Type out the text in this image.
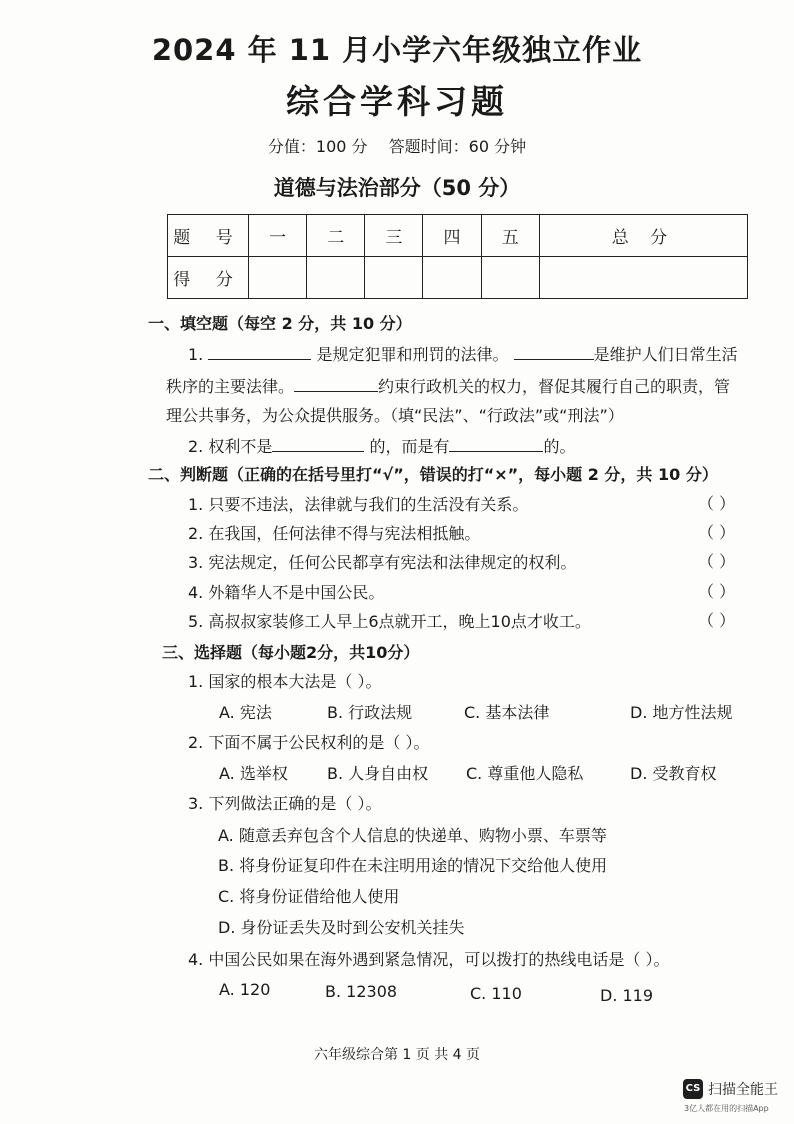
2024 年 11 月小学六年级独立作业
综合学科习题
分值：100 分 答题时间：60 分钟
道德与法治部分（50 分）
题 号	一	二	三	四	五	总 分
得 分						
一、填空题（每空 2 分，共 10 分）
1.	是规定犯罪和刑罚的法律。	是维护人们日常生活
秩序的主要法律。	约束行政机关的权力，督促其履行自己的职责，管
理公共事务，为公众提供服务。（填“民法”、“行政法”或“刑法”）
2. 权利不是	的，而是有	的。
二、判断题（正确的在括号里打“√”，错误的打“×”，每小题 2 分，共 10 分）
1. 只要不违法，法律就与我们的生活没有关系。	（ ）
2. 在我国，任何法律不得与宪法相抵触。	（ ）
3. 宪法规定，任何公民都享有宪法和法律规定的权利。	（ ）
4. 外籍华人不是中国公民。	（ ）
5. 高叔叔家装修工人早上6点就开工，晚上10点才收工。	（ ）
三、选择题（每小题2分，共10分）
1. 国家的根本大法是（ ）。
A. 宪法	B. 行政法规	C. 基本法律	D. 地方性法规
2. 下面不属于公民权利的是（ ）。
A. 选举权 B. 人身自由权 C. 尊重他人隐私	D. 受教育权
3. 下列做法正确的是（ ）。
A. 随意丢弃包含个人信息的快递单、购物小票、车票等
B. 将身份证复印件在未注明用途的情况下交给他人使用
C. 将身份证借给他人使用
D. 身份证丢失及时到公安机关挂失
4. 中国公民如果在海外遇到紧急情况，可以拨打的热线电话是（ ）。
A. 120	B. 12308	C. 110	D. 119
六年级综合第 1 页 共 4 页
CS 扫描全能王
3亿人都在用的扫描App
